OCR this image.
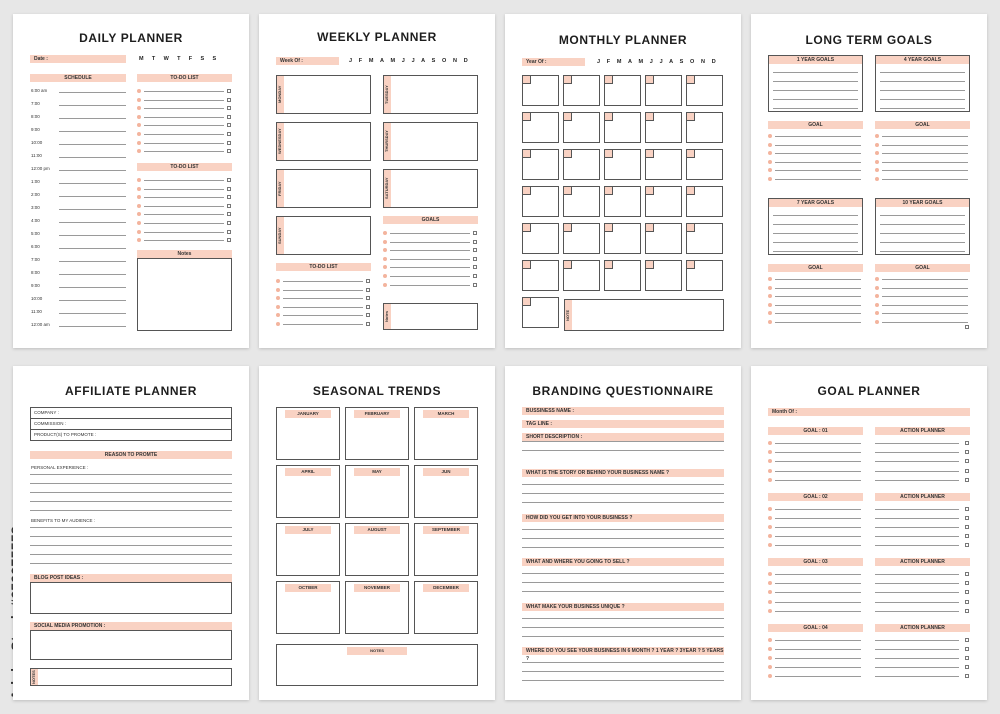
DAILY PLANNER
Date :	M T W T F S S
SCHEDULE
6:00 am
7:00
8:00
9:00
10:00
11:00
12:00 pm
1:00
2:00
3:00
4:00
5:00
6:00
7:00
8:00
9:00
10:00
11:00
12:00 am
TO-DO LIST
TO-DO LIST
Notes
WEEKLY PLANNER
Week Of :	J F M A M J J A S O N D
MONDAY
WEDNESDAY
FRIDAY
SUNDAY
TUESDAY
THURSDAY
SATURDAY
GOALS
TO-DO LIST
Notes
MONTHLY PLANNER
Year Of :	J F M A M J J A S O N D
NOTE
LONG TERM GOALS
1 YEAR GOALS
GOAL
4 YEAR GOALS
GOAL
7 YEAR GOALS
GOAL
10 YEAR GOALS
GOAL
AFFILIATE PLANNER
COMPANY :
COMMISSION :
PRODUCT(S) TO PROMOTE :
REASON TO PROMTE
PERSONAL EXPERIENCE :
BENEFITS TO MY AUDIENCE :
BLOG POST IDEAS :
SOCIAL MEDIA PROMOTION :
NOTES
SEASONAL TRENDS
JANUARY	FEBRUARY	MARCH
APRIL	MAY	JUN
JULY	AUGUST	SEPTEMBER
OCTBER	NOVEMBER	DECEMBER
NOTES
BRANDING QUESTIONNAIRE
BUSSINESS NAME :
TAG LINE :
SHORT DESCRIPTION :
WHAT IS THE STORY OR BEHIND YOUR BUSINESS NAME ?
HOW DID YOU GET INTO YOUR BUSINESS ?
WHAT AND WHERE YOU GOING TO SELL ?
WHAT MAKE YOUR BUSINESS UNIQUE ?
WHERE DO YOU SEE YOUR BUSINESS IN 6 MONTH ? 1 YEAR ? 3YEAR ? 5 YEARS ?
GOAL PLANNER
Month Of :
GOAL : 01	ACTION PLANNER
GOAL : 02	ACTION PLANNER
GOAL : 03	ACTION PLANNER
GOAL : 04	ACTION PLANNER
